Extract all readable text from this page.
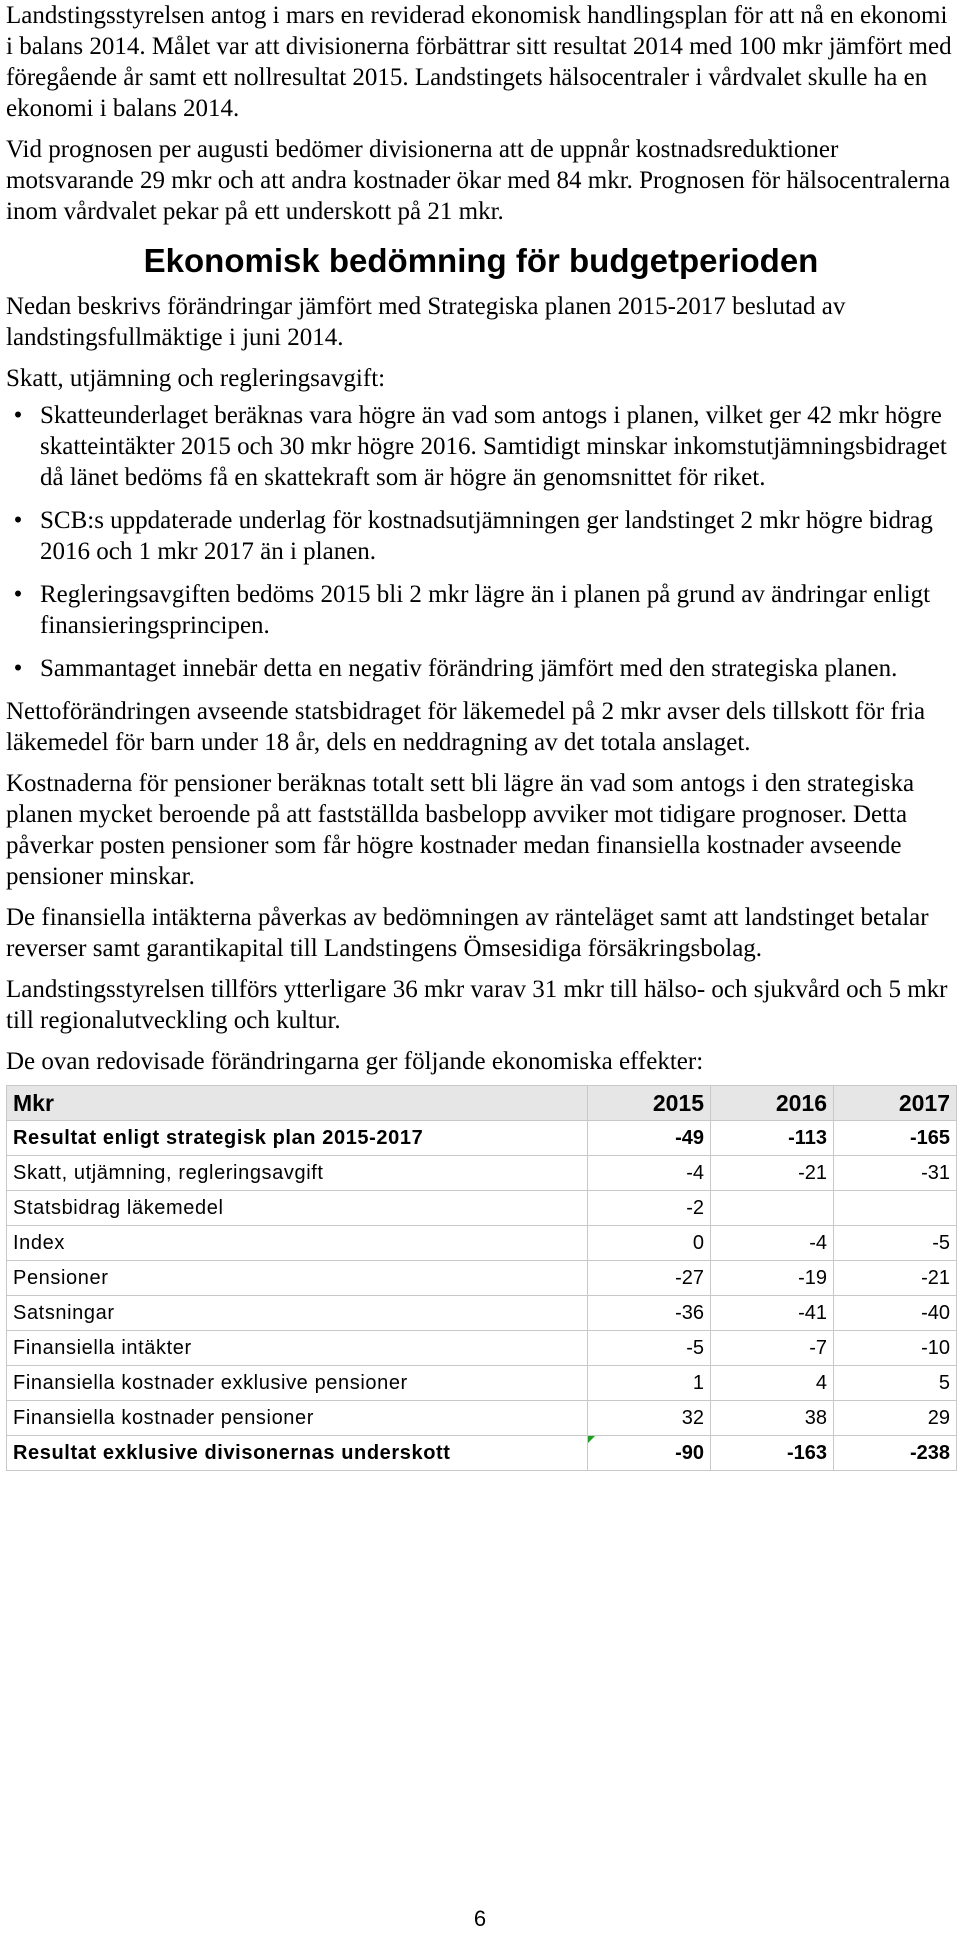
Landstingsstyrelsen antog i mars en reviderad ekonomisk handlingsplan för att nå en ekonomi i balans 2014. Målet var att divisionerna förbättrar sitt resultat 2014 med 100 mkr jämfört med föregående år samt ett nollresultat 2015. Landstingets hälsocentraler i vårdvalet skulle ha en ekonomi i balans 2014.

Vid prognosen per augusti bedömer divisionerna att de uppnår kostnadsreduktioner motsvarande 29 mkr och att andra kostnader ökar med 84 mkr. Prognosen för hälsocentralerna inom vårdvalet pekar på ett underskott på 21 mkr.

Ekonomisk bedömning för budgetperioden

Nedan beskrivs förändringar jämfört med Strategiska planen 2015-2017 beslutad av landstingsfullmäktige i juni 2014.

Skatt, utjämning och regleringsavgift:

• Skatteunderlaget beräknas vara högre än vad som antogs i planen, vilket ger 42 mkr högre skatteintäkter 2015 och 30 mkr högre 2016. Samtidigt minskar inkomstutjämningsbidraget då länet bedöms få en skattekraft som är högre än genomsnittet för riket.
• SCB:s uppdaterade underlag för kostnadsutjämningen ger landstinget 2 mkr högre bidrag 2016 och 1 mkr 2017 än i planen.
• Regleringsavgiften bedöms 2015 bli 2 mkr lägre än i planen på grund av ändringar enligt finansieringsprincipen.
• Sammantaget innebär detta en negativ förändring jämfört med den strategiska planen.

Nettoförändringen avseende statsbidraget för läkemedel på 2 mkr avser dels tillskott för fria läkemedel för barn under 18 år, dels en neddragning av det totala anslaget.

Kostnaderna för pensioner beräknas totalt sett bli lägre än vad som antogs i den strategiska planen mycket beroende på att fastställda basbelopp avviker mot tidigare prognoser. Detta påverkar posten pensioner som får högre kostnader medan finansiella kostnader avseende pensioner minskar.

De finansiella intäkterna påverkas av bedömningen av ränteläget samt att landstinget betalar reverser samt garantikapital till Landstingens Ömsesidiga försäkringsbolag.

Landstingsstyrelsen tillförs ytterligare 36 mkr varav 31 mkr till hälso- och sjukvård och 5 mkr till regionalutveckling och kultur.

De ovan redovisade förändringarna ger följande ekonomiska effekter:

Mkr	2015	2016	2017
Resultat enligt strategisk plan 2015-2017	-49	-113	-165
Skatt, utjämning, regleringsavgift	-4	-21	-31
Statsbidrag läkemedel	-2		
Index	0	-4	-5
Pensioner	-27	-19	-21
Satsningar	-36	-41	-40
Finansiella intäkter	-5	-7	-10
Finansiella kostnader exklusive pensioner	1	4	5
Finansiella kostnader pensioner	32	38	29
Resultat exklusive divisonernas underskott	-90	-163	-238
6
